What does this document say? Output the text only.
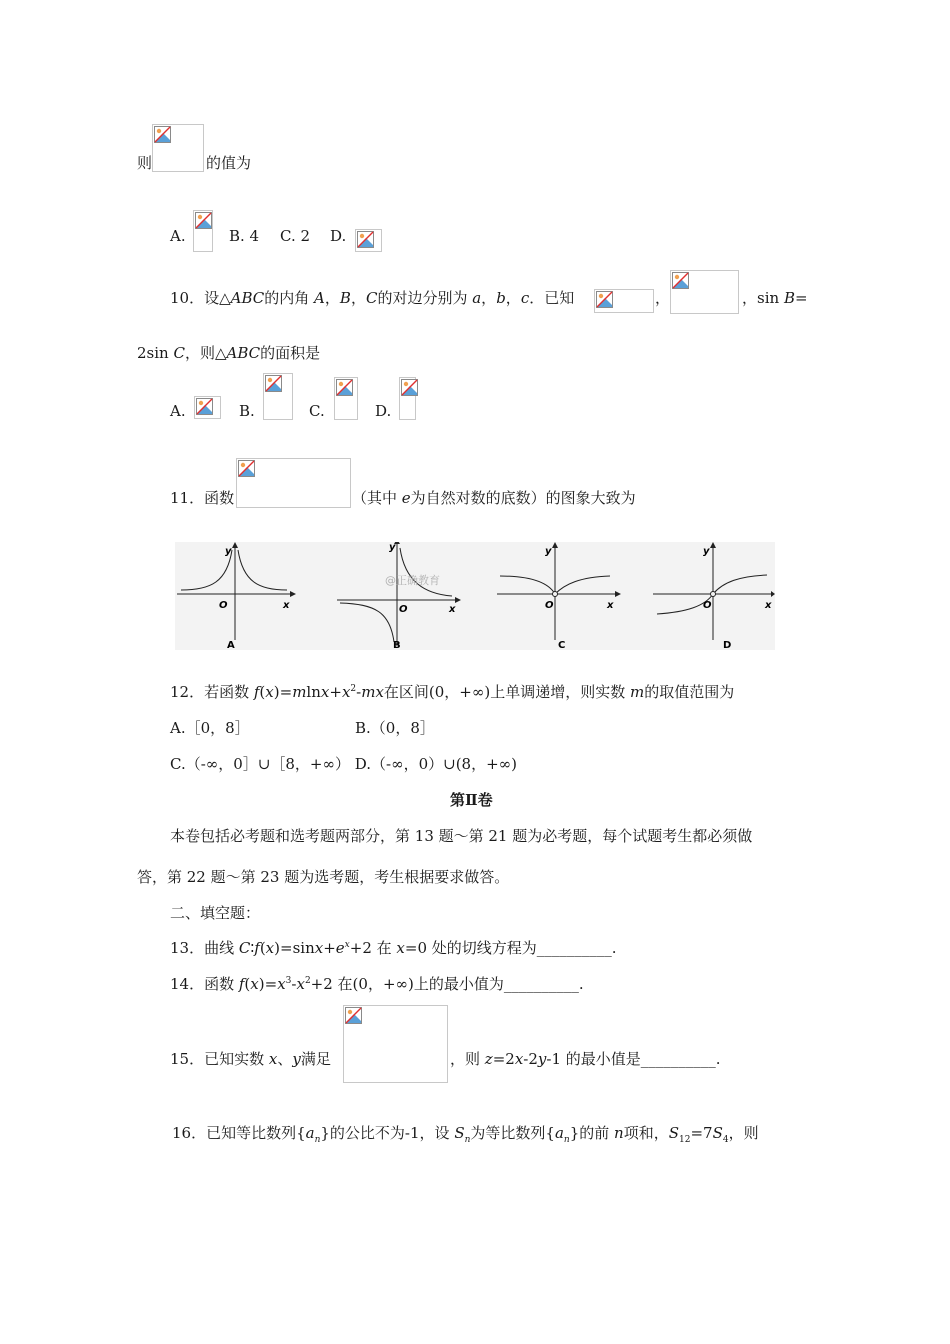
则	的值为
A.	B. 4 C. 2 D.
10．设△ABC的内角 A，B，C的对边分别为 a，b，c．已知	，	，sin B=
2sin C，则△ABC的面积是
A.	B.	C.	D.
11．函数	（其中 e为自然对数的底数）的图象大致为
y
x
O
A
y
x
O
B
@正确教育
y
x
O
C
y
x
O
D
12．若函数 $f(x)=mlnx+x^2-mx$在区间(0，+∞)上单调递增，则实数 m的取值范围为
A.［0，8］	B.（0，8］
C.（-∞，0］∪［8，+∞） D.（-∞，0）∪(8，+∞)
第Ⅱ卷
本卷包括必考题和选考题两部分，第 13 题～第 21 题为必考题，每个试题考生都必须做
答，第 22 题～第 23 题为选考题，考生根据要求做答。
二、填空题：
13．曲线 $C∶f(x)=\sin x+e^x+2$ 在 x=0 处的切线方程为__________.
14．函数 $f(x)=x^3-x^2+2$ 在(0，+∞)上的最小值为__________.
15．已知实数 x、y满足	，则 z=2x-2y-1 的最小值是__________.
16．已知等比数列$\{a_n\}$的公比不为-1，设 $S_n$为等比数列$\{a_n\}$的前 n项和，$S_{12}=7S_4$，则
